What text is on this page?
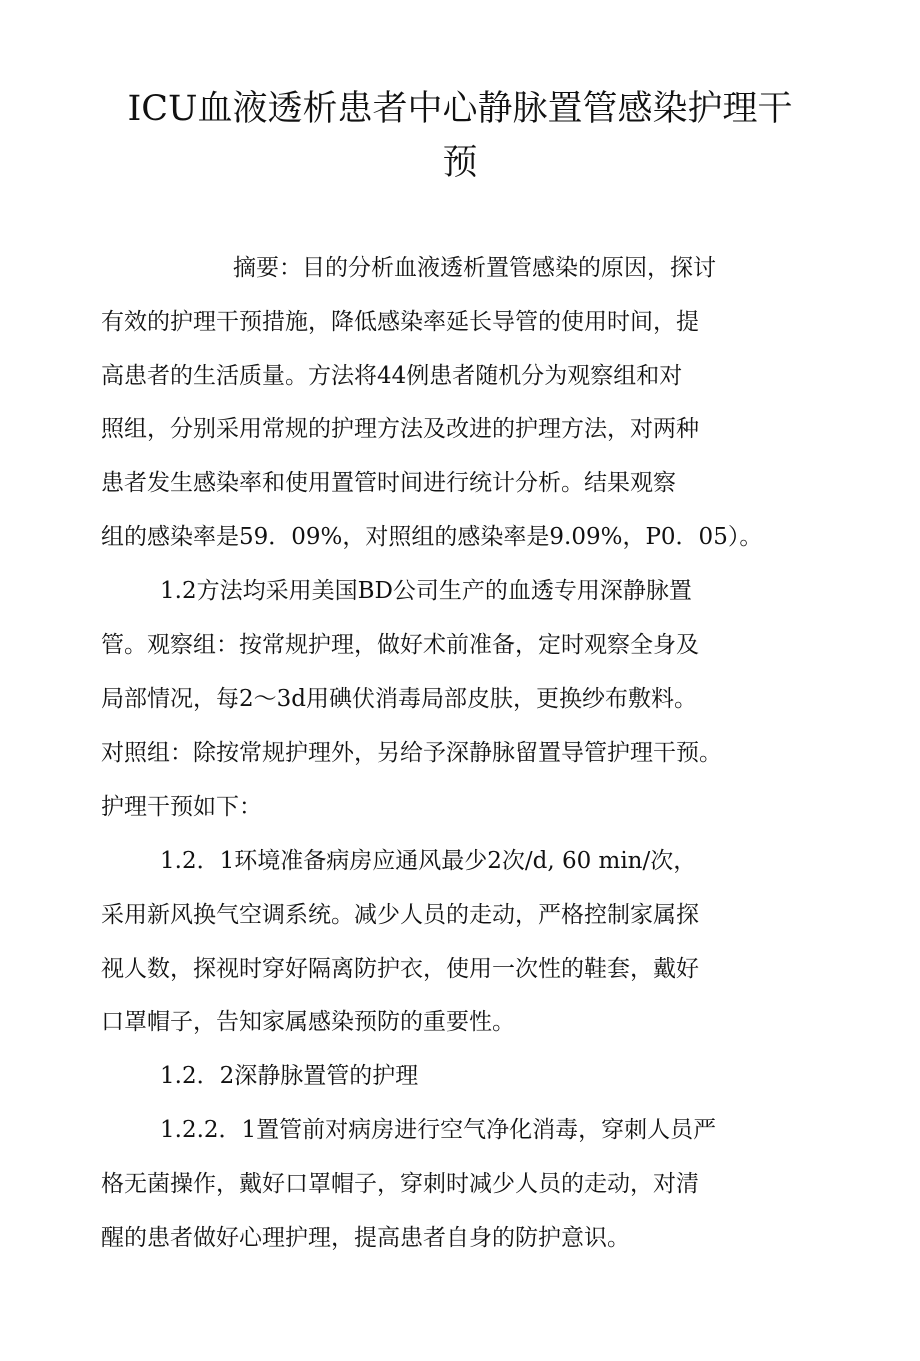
ICU血液透析患者中心静脉置管感染护理干
预

摘要：目的分析血液透析置管感染的原因，探讨

有效的护理干预措施，降低感染率延长导管的使用时间，提

高患者的生活质量。方法将44例患者随机分为观察组和对

照组，分别采用常规的护理方法及改进的护理方法，对两种

患者发生感染率和使用置管时间进行统计分析。结果观察

组的感染率是59．09%，对照组的感染率是9.09%，P0．05）。

1.2方法均采用美国BD公司生产的血透专用深静脉置

管。观察组：按常规护理，做好术前准备，定时观察全身及

局部情况，每2～3d用碘伏消毒局部皮肤，更换纱布敷料。

对照组：除按常规护理外，另给予深静脉留置导管护理干预。

护理干预如下：

1.2．1环境准备病房应通风最少2次/d, 60 min/次，

采用新风换气空调系统。减少人员的走动，严格控制家属探

视人数，探视时穿好隔离防护衣，使用一次性的鞋套，戴好

口罩帽子，告知家属感染预防的重要性。

1.2．2深静脉置管的护理

1.2.2．1置管前对病房进行空气净化消毒，穿刺人员严

格无菌操作，戴好口罩帽子，穿刺时减少人员的走动，对清

醒的患者做好心理护理，提高患者自身的防护意识。
